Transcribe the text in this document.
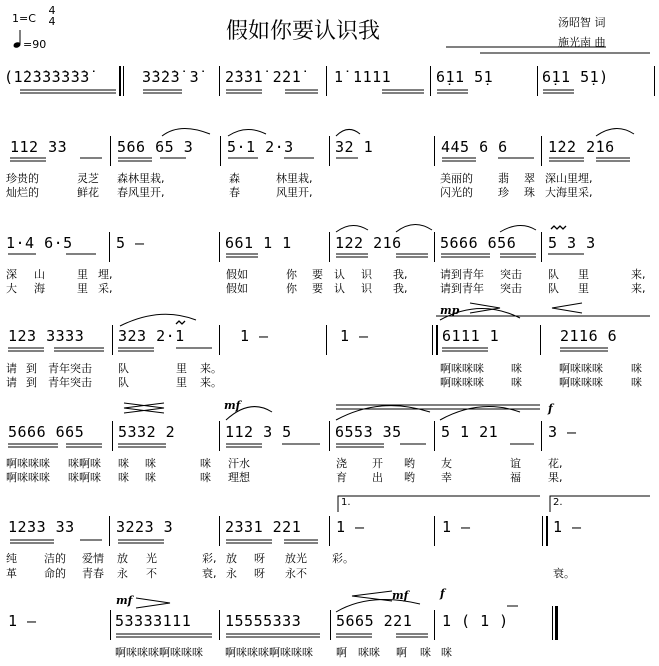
1=C
4
4
=90
假如你要认识我	汤昭智 词
施光南 曲
(1̇2̇3̇3̇3̇3̇3̇3̇	3̇3̇2̇3̇ 3̇ 2̇3̇3̇1̇ 2̇2̇1̇ 1̇ 1111	6̣11 5̣1	6̣11 5̣1)
112 33	566 65 3 5·1 2·3	32 1	445 6 6	1̇2̇2 2̇16
珍贵的	灵芝 森林里栽,	森	林里栽,	美丽的 翡 翠 深山里埋,
灿烂的	鲜花 春风里开,	春	风里开,	闪光的 珍 珠 大海里采,
1·4 6·5	5 –	661 1 1	122 216	5666 656 5 3 3
深 山	里 埋,	假如	你 要 认 识 我,	请到青年 突击 队 里	来,
大 海	里 采,	假如	你 要 认 识 我,	请到青年 突击 队 里	来,
mp
123 3333 323 2·1	1 –	1 –	6111 1	2116 6
请 到 青年突击 队	里 来。	啊咪咪咪 咪	啊咪咪咪	咪
请 到 青年突击 队	里 来。	啊咪咪咪 咪	啊咪咪咪	咪
mf	f
5666 665 5332 2	112 3 5	6553 35	5 1 21	3 –
啊咪咪咪 咪啊咪 咪 咪	咪 汗水	浇 开 哟 友	谊 花,
啊咪咪咪 咪啊咪 咪 咪	咪 理想	育 出 哟 幸	福 果,
1.	2.
1233 33	3223 3	2331 221 1 –	1 –	1 –
纯 洁的 爱情 放 光	彩, 放 呀 放光 彩。
革 命的 青春 永 不	衰, 永 呀 永不	衰。
mf	mf	f
1 –	53333111 15555333 5665 221 1 ( 1 )
啊咪咪咪啊咪咪咪 啊咪咪咪啊咪咪咪 啊 咪咪 啊 咪 咪
